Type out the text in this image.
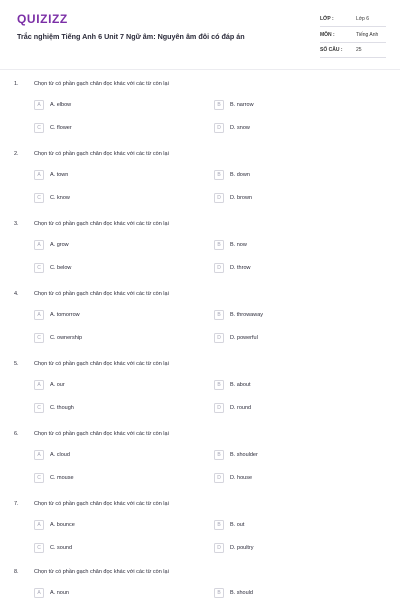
QUIZIZZ
Trắc nghiệm Tiếng Anh 6 Unit 7 Ngữ âm: Nguyên âm đôi có đáp án
LỚP :	Lớp 6
MÔN :	Tiếng Anh
SỐ CÂU :	25
1.	Chọn từ có phần gạch chân đọc khác với các từ còn lại
A	A. elbow	B	B. narrow
C	C. flower	D	D. snow
2.	Chọn từ có phần gạch chân đọc khác với các từ còn lại
A	A. town	B	B. down
C	C. know	D	D. brown
3.	Chọn từ có phần gạch chân đọc khác với các từ còn lại
A	A. grow	B	B. now
C	C. below	D	D. throw
4.	Chọn từ có phần gạch chân đọc khác với các từ còn lại
A	A. tomorrow	B	B. throwaway
C	C. ownership	D	D. powerful
5.	Chọn từ có phần gạch chân đọc khác với các từ còn lại
A	A. our	B	B. about
C	C. though	D	D. round
6.	Chọn từ có phần gạch chân đọc khác với các từ còn lại
A	A. cloud	B	B. shoulder
C	C. mouse	D	D. house
7.	Chọn từ có phần gạch chân đọc khác với các từ còn lại
A	A. bounce	B	B. out
C	C. sound	D	D. poultry
8.	Chọn từ có phần gạch chân đọc khác với các từ còn lại
A	A. noun	B	B. should
